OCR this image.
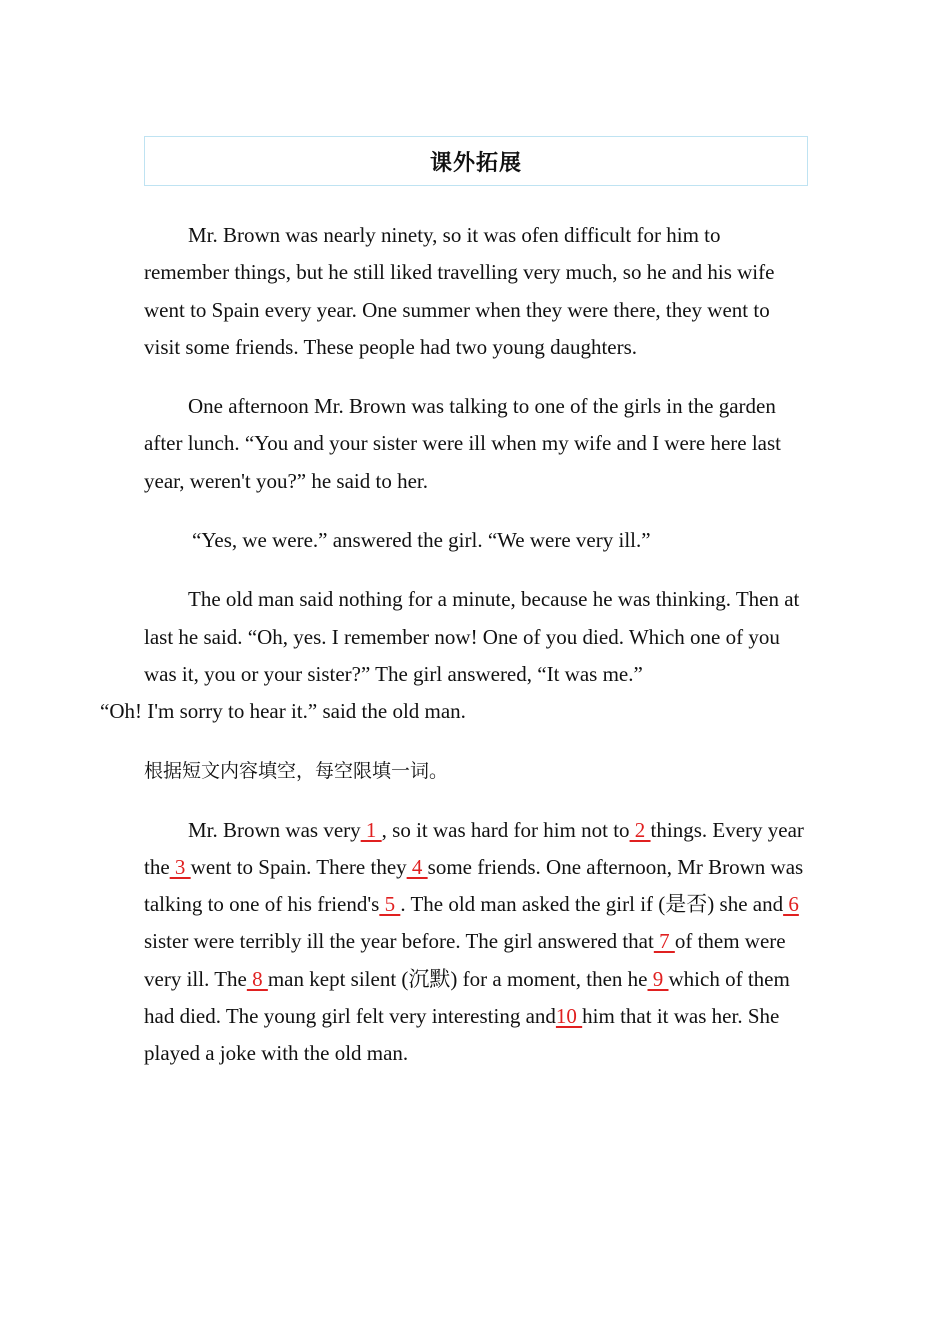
课外拓展

Mr. Brown was nearly ninety, so it was ofen difficult for him to remember things, but he still liked travelling very much, so he and his wife went to Spain every year. One summer when they were there, they went to visit some friends. These people had two young daughters.

One afternoon Mr. Brown was talking to one of the girls in the garden after lunch. “You and your sister were ill when my wife and I were here last year, weren't you?” he said to her.

“Yes, we were.” answered the girl. “We were very ill.”

The old man said nothing for a minute, because he was thinking. Then at last he said. “Oh, yes. I remember now! One of you died. Which one of you was it, you or your sister?” The girl answered, “It was me.”
“Oh! I'm sorry to hear it.” said the old man.

根据短文内容填空，每空限填一词。

Mr. Brown was very 1 , so it was hard for him not to 2 things. Every year the 3 went to Spain. There they 4 some friends. One afternoon, Mr Brown was talking to one of his friend's 5 . The old man asked the girl if (是否) she and 6 sister were terribly ill the year before. The girl answered that 7 of them were very ill. The 8 man kept silent (沉默) for a moment, then he 9 which of them had died. The young girl felt very interesting and10 him that it was her. She played a joke with the old man.
